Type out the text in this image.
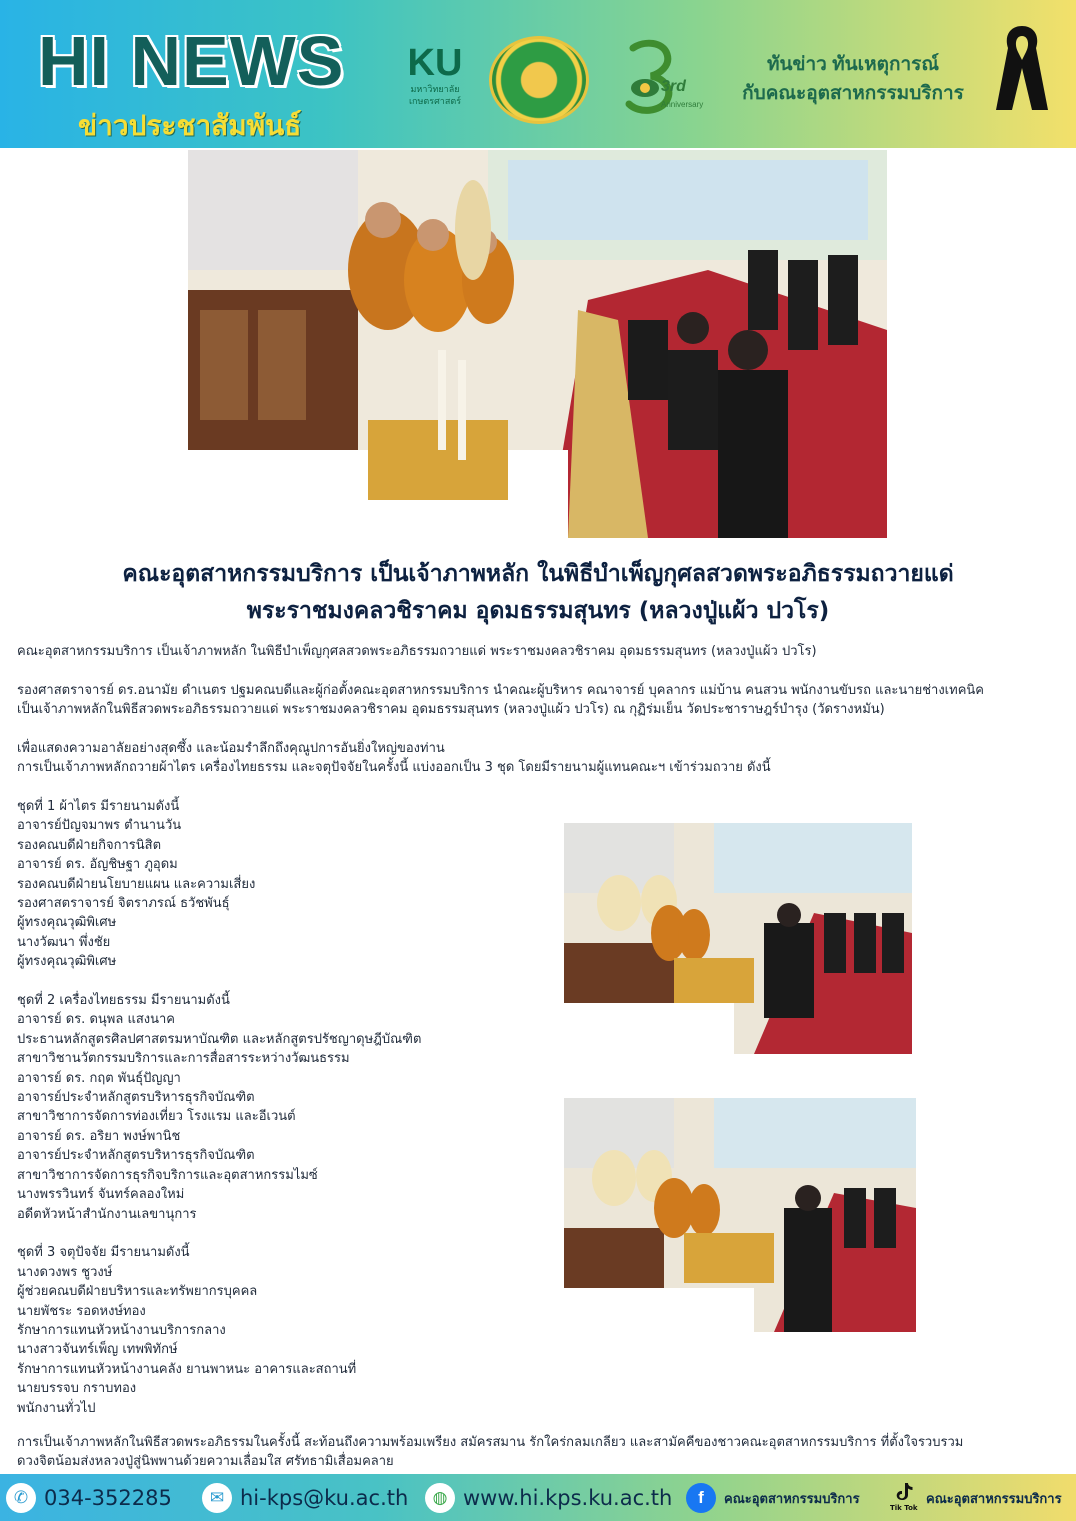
HI NEWS
ข่าวประชาสัมพันธ์
KU
มหาวิทยาลัย
เกษตรศาสตร์
3rd
Anniversary
ทันข่าว ทันเหตุการณ์
กับคณะอุตสาหกรรมบริการ
คณะอุตสาหกรรมบริการ เป็นเจ้าภาพหลัก ในพิธีบำเพ็ญกุศลสวดพระอภิธรรมถวายแด่
พระราชมงคลวชิราคม อุดมธรรมสุนทร (หลวงปู่แผ้ว ปวโร)
คณะอุตสาหกรรมบริการ เป็นเจ้าภาพหลัก ในพิธีบำเพ็ญกุศลสวดพระอภิธรรมถวายแด่ พระราชมงคลวชิราคม อุดมธรรมสุนทร (หลวงปู่แผ้ว ปวโร)
รองศาสตราจารย์ ดร.อนามัย ดำเนตร ปฐมคณบดีและผู้ก่อตั้งคณะอุตสาหกรรมบริการ นำคณะผู้บริหาร คณาจารย์ บุคลากร แม่บ้าน คนสวน พนักงานขับรถ และนายช่างเทคนิค
เป็นเจ้าภาพหลักในพิธีสวดพระอภิธรรมถวายแด่ พระราชมงคลวชิราคม อุดมธรรมสุนทร (หลวงปู่แผ้ว ปวโร) ณ กุฏิร่มเย็น วัดประชาราษฎร์บำรุง (วัดรางหมัน)
เพื่อแสดงความอาลัยอย่างสุดซึ้ง และน้อมรำลึกถึงคุณูปการอันยิ่งใหญ่ของท่าน
การเป็นเจ้าภาพหลักถวายผ้าไตร เครื่องไทยธรรม และจตุปัจจัยในครั้งนี้ แบ่งออกเป็น 3 ชุด โดยมีรายนามผู้แทนคณะฯ เข้าร่วมถวาย ดังนี้
ชุดที่ 1 ผ้าไตร มีรายนามดังนี้
อาจารย์ปัญจมาพร ตำนานวัน
รองคณบดีฝ่ายกิจการนิสิต
อาจารย์ ดร. อัญชิษฐา ภูอุดม
รองคณบดีฝ่ายนโยบายแผน และความเสี่ยง
รองศาสตราจารย์ จิตราภรณ์ ธวัชพันธุ์
ผู้ทรงคุณวุฒิพิเศษ
นางวัฒนา พึ่งชัย
ผู้ทรงคุณวุฒิพิเศษ
ชุดที่ 2 เครื่องไทยธรรม มีรายนามดังนี้
อาจารย์ ดร. ดนุพล แสงนาค
ประธานหลักสูตรศิลปศาสตรมหาบัณฑิต และหลักสูตรปรัชญาดุษฎีบัณฑิต
สาขาวิชานวัตกรรมบริการและการสื่อสารระหว่างวัฒนธรรม
อาจารย์ ดร. กฤต พันธุ์ปัญญา
อาจารย์ประจำหลักสูตรบริหารธุรกิจบัณฑิต
สาขาวิชาการจัดการท่องเที่ยว โรงแรม และอีเวนต์
อาจารย์ ดร. อริยา พงษ์พานิช
อาจารย์ประจำหลักสูตรบริหารธุรกิจบัณฑิต
สาขาวิชาการจัดการธุรกิจบริการและอุตสาหกรรมไมซ์
นางพรรวินทร์ จันทร์คลองใหม่
อดีตหัวหน้าสำนักงานเลขานุการ
ชุดที่ 3 จตุปัจจัย มีรายนามดังนี้
นางดวงพร ชูวงษ์
ผู้ช่วยคณบดีฝ่ายบริหารและทรัพยากรบุคคล
นายพัชระ รอดหงษ์ทอง
รักษาการแทนหัวหน้างานบริการกลาง
นางสาวจันทร์เพ็ญ เทพพิทักษ์
รักษาการแทนหัวหน้างานคลัง ยานพาหนะ อาคารและสถานที่
นายบรรจบ กราบทอง
พนักงานทั่วไป
การเป็นเจ้าภาพหลักในพิธีสวดพระอภิธรรมในครั้งนี้ สะท้อนถึงความพร้อมเพรียง สมัครสมาน รักใคร่กลมเกลียว และสามัคคีของชาวคณะอุตสาหกรรมบริการ ที่ตั้งใจรวบรวม
ดวงจิตน้อมส่งหลวงปู่สู่นิพพานด้วยความเลื่อมใส ศรัทธามิเสื่อมคลาย
✆ 034-352285	✉ hi-kps@ku.ac.th	◍ www.hi.kps.ku.ac.th	f	คณะอุตสาหกรรมบริการ
Tik Tok
คณะอุตสาหกรรมบริการ
